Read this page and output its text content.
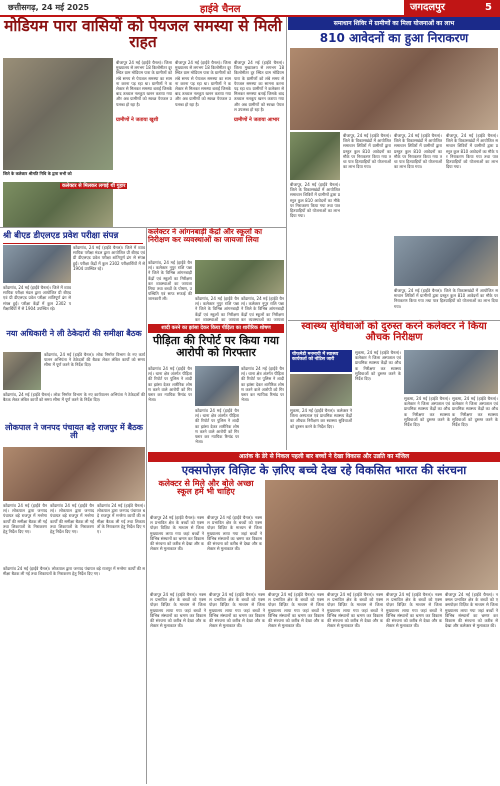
छत्तीसगढ़, 24 मई 2025	हाईवे चैनल	जगदलपुर	5
मोडियम पारा वासियों को पेयजल समस्या से मिली राहत
बीजापुर 24 मई (हाईवे चैनल)। जिला मुख्यालय से लगभग 18 किलोमीटर दूर स्थित ग्राम मोडियम पारा के ग्रामीणों को लंबे समय से पेयजल समस्या का सामना करना पड़ रहा था। ग्रामीणों ने कलेक्टर से मिलकर समस्या बताई जिसके बाद तत्काल नलकूप खनन कराया गया और अब ग्रामीणों को स्वच्छ पेयजल उपलब्ध हो रहा है।
बीजापुर 24 मई (हाईवे चैनल)। जिला मुख्यालय से लगभग 18 किलोमीटर दूर स्थित ग्राम मोडियम पारा के ग्रामीणों को लंबे समय से पेयजल समस्या का सामना करना पड़ रहा था। ग्रामीणों ने कलेक्टर से मिलकर समस्या बताई जिसके बाद तत्काल नलकूप खनन कराया गया और अब ग्रामीणों को स्वच्छ पेयजल उपलब्ध हो रहा है।
बीजापुर 24 मई (हाईवे चैनल)। जिला मुख्यालय से लगभग 18 किलोमीटर दूर स्थित ग्राम मोडियम पारा के ग्रामीणों को लंबे समय से पेयजल समस्या का सामना करना पड़ रहा था। ग्रामीणों ने कलेक्टर से मिलकर समस्या बताई जिसके बाद तत्काल नलकूप खनन कराया गया और अब ग्रामीणों को स्वच्छ पेयजल उपलब्ध हो रहा है।
ग्रामीणों ने जताया खुशी	ग्रामीणों ने जताया आभार
जिले के कलेक्टर श्रीमति निधि के द्वारा सभी को
कलेक्टर से मिलकर लगाई थी गुहार
श्री बीएड डीएलएड प्रवेश परीक्षा संपन्न
कोंडागांव, 24 मई (हाईवे चैनल)। जिले में व्यावसायिक परीक्षा मंडल द्वारा आयोजित प्री बीएड एवं प्री डीएलएड प्रवेश परीक्षा शांतिपूर्ण ढंग से संपन्न हुई। परीक्षा केंद्रों में कुल 2302 परीक्षार्थियों में से 1904 उपस्थित रहे।
कोंडागांव, 24 मई (हाईवे चैनल)। जिले में व्यावसायिक परीक्षा मंडल द्वारा आयोजित प्री बीएड एवं प्री डीएलएड प्रवेश परीक्षा शांतिपूर्ण ढंग से संपन्न हुई। परीक्षा केंद्रों में कुल 2302 परीक्षार्थियों में से 1904 उपस्थित रहे।
नया अधिकारी ने ली ठेकेदारों की समीक्षा बैठक
कोंडागांव, 24 मई (हाईवे चैनल)। लोक निर्माण विभाग के नए कार्यपालन अभियंता ने ठेकेदारों की बैठक लेकर लंबित कार्यों को समय सीमा में पूर्ण करने के निर्देश दिए।
कोंडागांव, 24 मई (हाईवे चैनल)। लोक निर्माण विभाग के नए कार्यपालन अभियंता ने ठेकेदारों की बैठक लेकर लंबित कार्यों को समय सीमा में पूर्ण करने के निर्देश दिए।
लोकपाल ने जनपद पंचायत बड़े राजपुर में बैठक ली
कोंडागांव 24 मई (हाईवे चैनल)। लोकपाल द्वारा जनपद पंचायत बड़े राजपुर में मनरेगा कार्यों की समीक्षा बैठक ली गई तथा शिकायतों के निराकरण हेतु निर्देश दिए गए।
कोंडागांव 24 मई (हाईवे चैनल)। लोकपाल द्वारा जनपद पंचायत बड़े राजपुर में मनरेगा कार्यों की समीक्षा बैठक ली गई तथा शिकायतों के निराकरण हेतु निर्देश दिए गए।
कोंडागांव 24 मई (हाईवे चैनल)। लोकपाल द्वारा जनपद पंचायत बड़े राजपुर में मनरेगा कार्यों की समीक्षा बैठक ली गई तथा शिकायतों के निराकरण हेतु निर्देश दिए गए।
कलेक्टर ने आंगनबाड़ी केंद्रों और स्कूलों का निरीक्षण कर व्यवस्थाओं का जायजा लिया
कोंडागांव, 24 मई (हाईवे चैनल)। कलेक्टर नूपुर राशि पन्ना ने जिले के विभिन्न आंगनबाड़ी केंद्रों एवं स्कूलों का निरीक्षण कर व्यवस्थाओं का जायजा लिया तथा बच्चों के पोषण, उपस्थिति एवं साफ सफाई की जानकारी ली।	कोंडागांव, 24 मई (हाईवे चैनल)। कलेक्टर नूपुर राशि पन्ना ने जिले के विभिन्न आंगनबाड़ी केंद्रों एवं स्कूलों का निरीक्षण कर व्यवस्थाओं का जायजा
कोंडागांव, 24 मई (हाईवे चैनल)। कलेक्टर नूपुर राशि पन्ना ने जिले के विभिन्न आंगनबाड़ी केंद्रों एवं स्कूलों का निरीक्षण कर व्यवस्थाओं का जायजा
शादी करने का झांसा देकर किया पीड़िता का शारीरिक शोषण
पीड़िता की रिपोर्ट पर किया गया आरोपी को गिरफ्तार
कोंडागांव 24 मई (हाईवे चैनल)। थाना क्षेत्र अंतर्गत पीड़िता की रिपोर्ट पर पुलिस ने शादी का झांसा देकर शारीरिक शोषण करने वाले आरोपी को गिरफ्तार कर न्यायिक रिमांड पर भेजा।
कोंडागांव 24 मई (हाईवे चैनल)। थाना क्षेत्र अंतर्गत पीड़िता की रिपोर्ट पर पुलिस ने शादी का झांसा देकर शारीरिक शोषण करने वाले आरोपी को गिरफ्तार कर न्यायिक रिमांड पर भेजा।
कोंडागांव 24 मई (हाईवे चैनल)। थाना क्षेत्र अंतर्गत पीड़िता की रिपोर्ट पर पुलिस ने शादी का झांसा देकर शारीरिक शोषण करने वाले आरोपी को गिरफ्तार कर न्यायिक रिमांड पर भेजा।
समाधान शिविर में ग्रामीणों का मिला योजनाओं का लाभ
810 आवेदनों का हुआ निराकरण
बीजापुर, 24 मई (हाईवे चैनल)। जिले के विकासखंडों में आयोजित समाधान शिविरों में ग्रामीणों द्वारा प्रस्तुत कुल 810 आवेदनों का मौके पर निराकरण किया गया तथा पात्र हितग्राहियों को योजनाओं का लाभ दिया गया।
बीजापुर, 24 मई (हाईवे चैनल)। जिले के विकासखंडों में आयोजित समाधान शिविरों में ग्रामीणों द्वारा प्रस्तुत कुल 810 आवेदनों का मौके पर निराकरण किया गया तथा पात्र हितग्राहियों को योजनाओं का लाभ दिया गया।
बीजापुर, 24 मई (हाईवे चैनल)। जिले के विकासखंडों में आयोजित समाधान शिविरों में ग्रामीणों द्वारा प्रस्तुत कुल 810 आवेदनों का मौके पर निराकरण किया गया तथा पात्र हितग्राहियों को योजनाओं का लाभ दिया गया।
बीजापुर, 24 मई (हाईवे चैनल)। जिले के विकासखंडों में आयोजित समाधान शिविरों में ग्रामीणों द्वारा प्रस्तुत कुल 810 आवेदनों का मौके पर निराकरण किया गया तथा पात्र हितग्राहियों को योजनाओं का लाभ दिया गया।
बीजापुर, 24 मई (हाईवे चैनल)। जिले के विकासखंडों में आयोजित समाधान शिविरों में ग्रामीणों द्वारा प्रस्तुत कुल 810 आवेदनों का मौके पर निराकरण किया गया तथा पात्र हितग्राहियों को योजनाओं का लाभ दिया गया।
स्वास्थ्य सुविधाओं को दुरुस्त करने कलेक्टर ने किया औचक निरीक्षण
चीफमेडी मनमायी में स्वास्थ्य कार्यकर्ता को नोटिस जारी
सुकमा, 24 मई (हाईवे चैनल)। कलेक्टर ने जिला अस्पताल एवं प्राथमिक स्वास्थ्य केंद्रों का औचक निरीक्षण कर स्वास्थ्य सुविधाओं को दुरुस्त करने के निर्देश दिए।
सुकमा, 24 मई (हाईवे चैनल)। कलेक्टर ने जिला अस्पताल एवं प्राथमिक स्वास्थ्य केंद्रों का औचक निरीक्षण कर स्वास्थ्य सुविधाओं को दुरुस्त करने के निर्देश दिए।
सुकमा, 24 मई (हाईवे चैनल)। कलेक्टर ने जिला अस्पताल एवं प्राथमिक स्वास्थ्य केंद्रों का औचक निरीक्षण कर स्वास्थ्य सुविधाओं को दुरुस्त करने के निर्देश दिए।
सुकमा, 24 मई (हाईवे चैनल)। कलेक्टर ने जिला अस्पताल एवं प्राथमिक स्वास्थ्य केंद्रों का औचक निरीक्षण कर स्वास्थ्य सुविधाओं को दुरुस्त करने के निर्देश दिए।
आतंक के डेरे से निकल पहली बार बच्चों ने देखा विकास और उन्नति का मंजिल
एक्सपोज़र विज़िट के ज़रिए बच्चे देख रहे विकसित भारत की संरचना
कलेक्टर से मिले और बोले अच्छा स्कूल हमें भी चाहिए
बीजापुर 24 मई (हाईवे चैनल)। नक्सल प्रभावित क्षेत्र के बच्चों को एक्सपोज़र विज़िट के माध्यम से जिला मुख्यालय लाया गया जहां बच्चों ने विभिन्न संस्थानों का भ्रमण कर विकास की संरचना को करीब से देखा और कलेक्टर से मुलाकात की।
बीजापुर 24 मई (हाईवे चैनल)। नक्सल प्रभावित क्षेत्र के बच्चों को एक्सपोज़र विज़िट के माध्यम से जिला मुख्यालय लाया गया जहां बच्चों ने विभिन्न संस्थानों का भ्रमण कर विकास की संरचना को करीब से देखा और कलेक्टर से मुलाकात की।
बीजापुर 24 मई (हाईवे चैनल)। नक्सल प्रभावित क्षेत्र के बच्चों को एक्सपोज़र विज़िट के माध्यम से जिला मुख्यालय लाया गया जहां बच्चों ने विभिन्न संस्थानों का भ्रमण कर विकास की संरचना को करीब से देखा और कलेक्टर से मुलाकात की।
बीजापुर 24 मई (हाईवे चैनल)। नक्सल प्रभावित क्षेत्र के बच्चों को एक्सपोज़र विज़िट के माध्यम से जिला मुख्यालय लाया गया जहां बच्चों ने विभिन्न संस्थानों का भ्रमण कर विकास की संरचना को करीब से देखा और कलेक्टर से मुलाकात की।
बीजापुर 24 मई (हाईवे चैनल)। नक्सल प्रभावित क्षेत्र के बच्चों को एक्सपोज़र विज़िट के माध्यम से जिला मुख्यालय लाया गया जहां बच्चों ने विभिन्न संस्थानों का भ्रमण कर विकास की संरचना को करीब से देखा और कलेक्टर से मुलाकात की।
बीजापुर 24 मई (हाईवे चैनल)। नक्सल प्रभावित क्षेत्र के बच्चों को एक्सपोज़र विज़िट के माध्यम से जिला मुख्यालय लाया गया जहां बच्चों ने विभिन्न संस्थानों का भ्रमण कर विकास की संरचना को करीब से देखा और कलेक्टर से मुलाकात की।
बीजापुर 24 मई (हाईवे चैनल)। नक्सल प्रभावित क्षेत्र के बच्चों को एक्सपोज़र विज़िट के माध्यम से जिला मुख्यालय लाया गया जहां बच्चों ने विभिन्न संस्थानों का भ्रमण कर विकास की संरचना को करीब से देखा और कलेक्टर से मुलाकात की।
बीजापुर 24 मई (हाईवे चैनल)। नक्सल प्रभावित क्षेत्र के बच्चों को एक्सपोज़र विज़िट के माध्यम से जिला मुख्यालय लाया गया जहां बच्चों ने विभिन्न संस्थानों का भ्रमण कर विकास की संरचना को करीब से देखा और कलेक्टर से मुलाकात की।
कोंडागांव 24 मई (हाईवे चैनल)। लोकपाल द्वारा जनपद पंचायत बड़े राजपुर में मनरेगा कार्यों की समीक्षा बैठक ली गई तथा शिकायतों के निराकरण हेतु निर्देश दिए गए।
